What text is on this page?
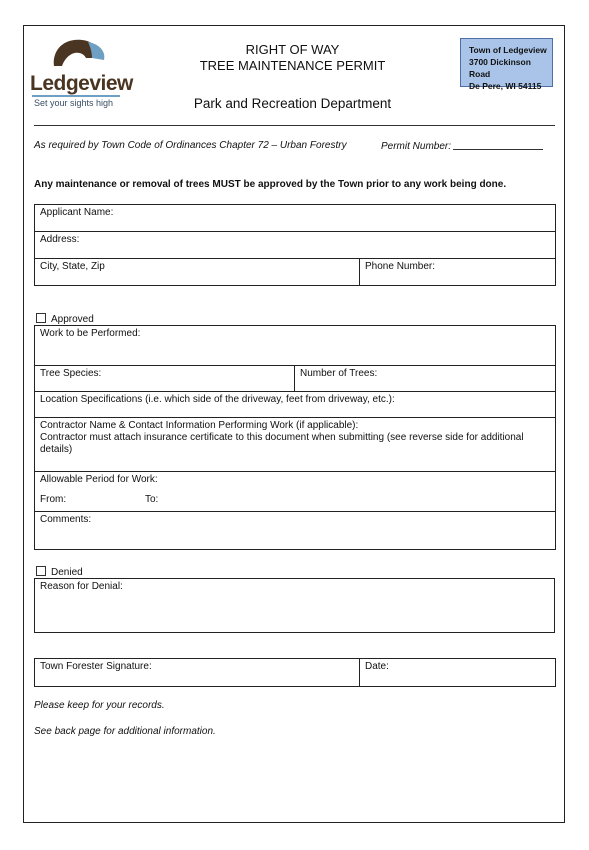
Ledgeview
Set your sights high
RIGHT OF WAY
TREE MAINTENANCE PERMIT
Park and Recreation Department
Town of Ledgeview
3700 Dickinson Road
De Pere, WI 54115
As required by Town Code of Ordinances Chapter 72 – Urban Forestry	Permit Number:
Any maintenance or removal of trees MUST be approved by the Town prior to any work being done.
Applicant Name:
Address:
City, State, Zip	Phone Number:
Approved
Work to be Performed:
Tree Species:	Number of Trees:
Location Specifications (i.e. which side of the driveway, feet from driveway, etc.):

Contractor Name & Contact Information Performing Work (if applicable):
Contractor must attach insurance certificate to this document when submitting (see reverse side for additional details)

Allowable Period for Work:
From:	To:

Comments:
Denied
Reason for Denial:
Town Forester Signature:	Date:
Please keep for your records.
See back page for additional information.
